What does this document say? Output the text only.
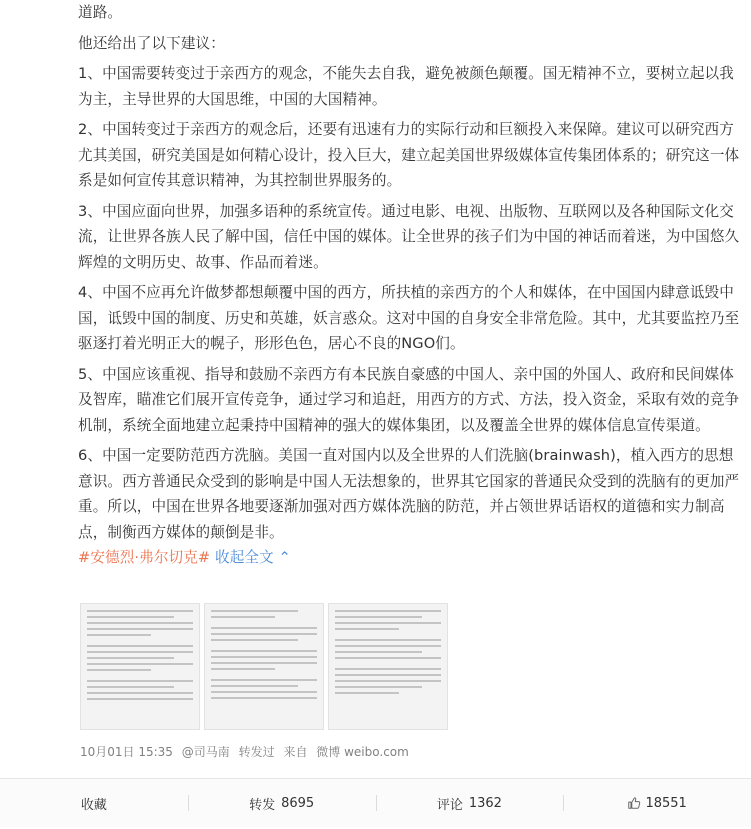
道路。

他还给出了以下建议：

1、中国需要转变过于亲西方的观念，不能失去自我，避免被颜色颠覆。国无精神不立，要树立起以我为主，主导世界的大国思维，中国的大国精神。

2、中国转变过于亲西方的观念后，还要有迅速有力的实际行动和巨额投入来保障。建议可以研究西方尤其美国，研究美国是如何精心设计，投入巨大，建立起美国世界级媒体宣传集团体系的；研究这一体系是如何宣传其意识精神，为其控制世界服务的。

3、中国应面向世界，加强多语种的系统宣传。通过电影、电视、出版物、互联网以及各种国际文化交流，让世界各族人民了解中国，信任中国的媒体。让全世界的孩子们为中国的神话而着迷，为中国悠久辉煌的文明历史、故事、作品而着迷。

4、中国不应再允许做梦都想颠覆中国的西方，所扶植的亲西方的个人和媒体，在中国国内肆意诋毁中国，诋毁中国的制度、历史和英雄，妖言惑众。这对中国的自身安全非常危险。其中，尤其要监控乃至驱逐打着光明正大的幌子，形形色色，居心不良的NGO们。

5、中国应该重视、指导和鼓励不亲西方有本民族自豪感的中国人、亲中国的外国人、政府和民间媒体及智库，瞄准它们展开宣传竞争，通过学习和追赶，用西方的方式、方法，投入资金，采取有效的竞争机制，系统全面地建立起秉持中国精神的强大的媒体集团，以及覆盖全世界的媒体信息宣传渠道。

6、中国一定要防范西方洗脑。美国一直对国内以及全世界的人们洗脑(brainwash)，植入西方的思想意识。西方普通民众受到的影响是中国人无法想象的，世界其它国家的普通民众受到的洗脑有的更加严重。所以，中国在世界各地要逐渐加强对西方媒体洗脑的防范，并占领世界话语权的道德和实力制高点，制衡西方媒体的颠倒是非。

#安德烈·弗尔切克# 收起全文 ⌃

10月01日 15:35 @司马南 转发过 来自 微博 weibo.com
收藏	转发 8695	评论 1362	18551
